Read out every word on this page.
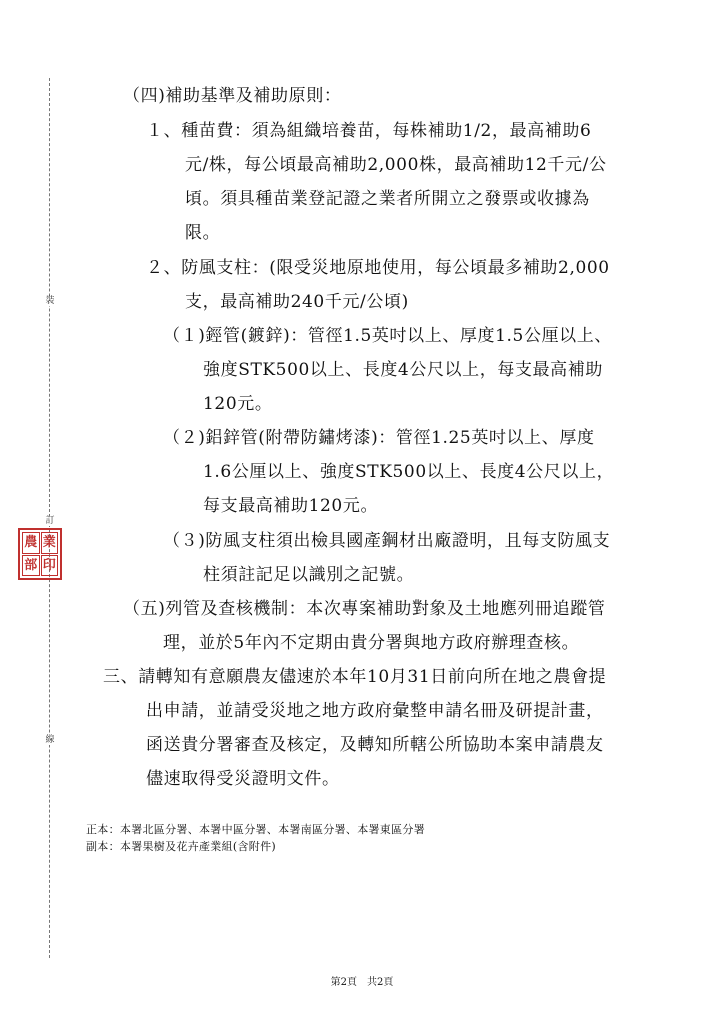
裝
訂
線
農 業
部 印
（四)補助基準及補助原則：
１、種苗費：須為組織培養苗，每株補助1/2，最高補助6
元/株，每公頃最高補助2,000株，最高補助12千元/公
頃。須具種苗業登記證之業者所開立之發票或收據為
限。
２、防風支柱：(限受災地原地使用，每公頃最多補助2,000
支，最高補助240千元/公頃)
（１)鋞管(鍍鋅)：管徑1.5英吋以上、厚度1.5公厘以上、
強度STK500以上、長度4公尺以上，每支最高補助
120元。
（２)鋁鋅管(附帶防鏽烤漆)：管徑1.25英吋以上、厚度
1.6公厘以上、強度STK500以上、長度4公尺以上，
每支最高補助120元。
（３)防風支柱須出檢具國產鋼材出廠證明，且每支防風支
柱須註記足以識別之記號。
（五)列管及查核機制：本次專案補助對象及土地應列冊追蹤管
理，並於5年內不定期由貴分署與地方政府辦理查核。
三、請轉知有意願農友儘速於本年10月31日前向所在地之農會提
出申請，並請受災地之地方政府彙整申請名冊及研提計畫，
函送貴分署審查及核定，及轉知所轄公所協助本案申請農友
儘速取得受災證明文件。
正本：本署北區分署、本署中區分署、本署南區分署、本署東區分署
副本：本署果樹及花卉產業組(含附件)
第2頁　共2頁
